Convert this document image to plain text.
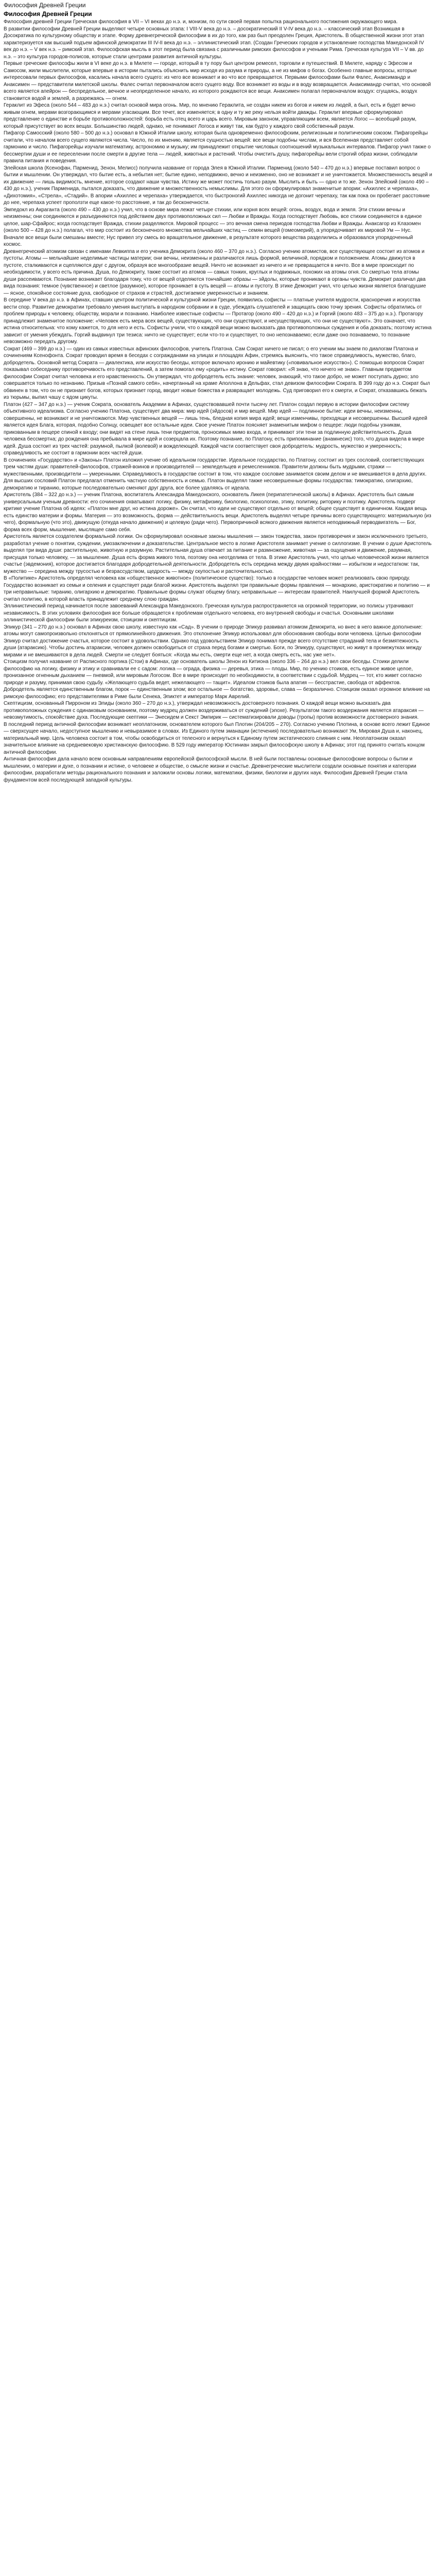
Философия Древней Греции
Философия Древней Греции

Философия древней Греции Греческая философия в VII – VI веках до н.э. и, монизм, по сути своей первая попытка рационального постижения окружающего мира.

В развитии философии Древней Греции выделяют четыре основных этапа: I VIII-V века до н.э. – досократический II V-IV века до н.э. – классический этап Возникшая в Досократика по культурному обществу и этапе. Форму древнегреческой философии в их до того, как раз был преодолен Греция, Аристотель. В общественной жизни этот этап характеризуется как высший подъем афинской демократии III IV-II века до н.э. – эллинистический этап. (Создан Греческих городов и установление господства Македонской IV век до н.э. – V век н.э. – римский этап. Философская мысль в этот период была связана с различными римских философов и учеными Рима. Греческая культура VII – V вв. до н.э. – это культура городов-полисов, которые стали центрами развития античной культуры.

Первые греческие философы жили в VI веке до н.э. в Милете — городе, который в ту пору был центром ремесел, торговли и путешествий. В Милете, наряду с Эфесом и Самосом, жили мыслители, которые впервые в истории пытались объяснить мир исходя из разума и природы, а не из мифов о богах. Особенно главные вопросы, которые интересовали первых философов, касались начала всего сущего: из чего все возникает и во что все превращается. Первыми философами были Фалес, Анаксимандр и Анаксимен — представители милетской школы. Фалес считал первоначалом всего сущего воду. Все возникает из воды и в воду возвращается. Анаксимандр считал, что основой всего является апейрон — беспредельное, вечное и неопределенное начало, из которого рождаются все вещи. Анаксимен полагал первоначалом воздух: сгущаясь, воздух становится водой и землей, а разрежаясь — огнем.

Гераклит из Эфеса (около 544 – 483 до н.э.) считал основой мира огонь. Мир, по мнению Гераклита, не создан никем из богов и никем из людей, а был, есть и будет вечно живым огнем, мерами возгорающимся и мерами угасающим. Все течет, все изменяется; в одну и ту же реку нельзя войти дважды. Гераклит впервые сформулировал представление о единстве и борьбе противоположностей: борьба есть отец всего и царь всего. Мировым законом, управляющим всем, является Логос — всеобщий разум, который присутствует во всех вещах. Большинство людей, однако, не понимают Логоса и живут так, как будто у каждого свой собственный разум.

Пифагор Самосский (около 580 – 500 до н.э.) основал в Южной Италии школу, которая была одновременно философским, религиозным и политическим союзом. Пифагорейцы считали, что началом всего сущего являются числа. Число, по их мнению, является сущностью вещей: все вещи подобны числам, и вся Вселенная представляет собой гармонию и число. Пифагорейцы изучали математику, астрономию и музыку; им принадлежит открытие числовых соотношений музыкальных интервалов. Пифагор учил также о бессмертии души и ее переселении после смерти в другие тела — людей, животных и растений. Чтобы очистить душу, пифагорейцы вели строгий образ жизни, соблюдали правила питания и поведения.

Элейская школа (Ксенофан, Парменид, Зенон, Мелисс) получила название от города Элея в Южной Италии. Парменид (около 540 – 470 до н.э.) впервые поставил вопрос о бытии и мышлении. Он утверждал, что бытие есть, а небытия нет; бытие едино, неподвижно, вечно и неизменно, оно не возникает и не уничтожается. Множественность вещей и их движение — лишь видимость, мнение, которое создают наши чувства. Истину же может постичь только разум. Мыслить и быть — одно и то же. Зенон Элейский (около 490 – 430 до н.э.), ученик Парменида, пытался доказать, что движение и множественность немыслимы. Для этого он сформулировал знаменитые апории: «Ахиллес и черепаха», «Дихотомия», «Стрела», «Стадий». В апории «Ахиллес и черепаха» утверждается, что быстроногий Ахиллес никогда не догонит черепаху, так как пока он пробегает расстояние до нее, черепаха успеет проползти еще какое-то расстояние, и так до бесконечности.

Эмпедокл из Акраганта (около 490 – 430 до н.э.) учил, что в основе мира лежат четыре стихии, или корня всех вещей: огонь, воздух, вода и земля. Эти стихии вечны и неизменны; они соединяются и разъединяются под действием двух противоположных сил — Любви и Вражды. Когда господствует Любовь, все стихии соединяются в единое целое, шар-Сфайрос; когда господствует Вражда, стихии разделяются. Мировой процесс — это вечная смена периодов господства Любви и Вражды. Анаксагор из Клазомен (около 500 – 428 до н.э.) полагал, что мир состоит из бесконечного множества мельчайших частиц — семян вещей (гомеомерий), а упорядочивает их мировой Ум — Нус. Вначале все вещи были смешаны вместе; Нус привел эту смесь во вращательное движение, в результате которого вещества разделились и образовался упорядоченный космос.

Древнегреческий атомизм связан с именами Левкиппа и его ученика Демокрита (около 460 – 370 до н.э.). Согласно учению атомистов, все существующее состоит из атомов и пустоты. Атомы — мельчайшие неделимые частицы материи; они вечны, неизменны и различаются лишь формой, величиной, порядком и положением. Атомы движутся в пустоте, сталкиваются и сцепляются друг с другом, образуя все многообразие вещей. Ничто не возникает из ничего и не превращается в ничто. Все в мире происходит по необходимости, у всего есть причина. Душа, по Демокриту, также состоит из атомов — самых тонких, круглых и подвижных, похожих на атомы огня. Со смертью тела атомы души рассеиваются. Познание возникает благодаря тому, что от вещей отделяются тончайшие образы — эйдолы, которые проникают в органы чувств. Демокрит различал два вида познания: темное (чувственное) и светлое (разумное), которое проникает в суть вещей — атомы и пустоту. В этике Демокрит учил, что целью жизни является благодушие — ясное, спокойное состояние духа, свободное от страхов и страстей, достигаемое умеренностью и знанием.

В середине V века до н.э. в Афинах, ставших центром политической и культурной жизни Греции, появились софисты — платные учителя мудрости, красноречия и искусства вести спор. Развитие демократии требовало умения выступать в народном собрании и в суде, убеждать слушателей и защищать свою точку зрения. Софисты обратились от проблем природы к человеку, обществу, морали и познанию. Наиболее известные софисты — Протагор (около 490 – 420 до н.э.) и Горгий (около 483 – 375 до н.э.). Протагору принадлежит знаменитое положение: «Человек есть мера всех вещей, существующих, что они существуют, и несуществующих, что они не существуют». Это означает, что истина относительна: что кому кажется, то для него и есть. Софисты учили, что о каждой вещи можно высказать два противоположных суждения и оба доказать; поэтому истина зависит от умения убеждать. Горгий выдвинул три тезиса: ничто не существует; если что-то и существует, то оно непознаваемо; если даже оно познаваемо, то познание невозможно передать другому.

Сократ (469 – 399 до н.э.) — один из самых известных афинских философов, учитель Платона. Сам Сократ ничего не писал; о его учении мы знаем по диалогам Платона и сочинениям Ксенофонта. Сократ проводил время в беседах с согражданами на улицах и площадях Афин, стремясь выяснить, что такое справедливость, мужество, благо, добродетель. Основной метод Сократа — диалектика, или искусство беседы, которое включало иронию и майевтику («повивальное искусство»). С помощью вопросов Сократ показывал собеседнику противоречивость его представлений, а затем помогал ему «родить» истину. Сократ говорил: «Я знаю, что ничего не знаю». Главным предметом философии Сократ считал человека и его нравственность. Он утверждал, что добродетель есть знание: человек, знающий, что такое добро, не может поступать дурно; зло совершается только по незнанию. Призыв «Познай самого себя», начертанный на храме Аполлона в Дельфах, стал девизом философии Сократа. В 399 году до н.э. Сократ был обвинен в том, что он не признает богов, которых признает город, вводит новые божества и развращает молодежь. Суд приговорил его к смерти, и Сократ, отказавшись бежать из тюрьмы, выпил чашу с ядом цикуты.

Платон (427 – 347 до н.э.) — ученик Сократа, основатель Академии в Афинах, существовавшей почти тысячу лет. Платон создал первую в истории философии систему объективного идеализма. Согласно учению Платона, существует два мира: мир идей (эйдосов) и мир вещей. Мир идей — подлинное бытие: идеи вечны, неизменны, совершенны, не возникают и не уничтожаются. Мир чувственных вещей — лишь тень, бледная копия мира идей; вещи изменчивы, преходящи и несовершенны. Высшей идеей является идея Блага, которая, подобно Солнцу, освещает все остальные идеи. Свое учение Платон поясняет знаменитым мифом о пещере: люди подобны узникам, прикованным в пещере спиной к входу; они видят на стене лишь тени предметов, проносимых мимо входа, и принимают эти тени за подлинную действительность. Душа человека бессмертна; до рождения она пребывала в мире идей и созерцала их. Поэтому познание, по Платону, есть припоминание (анамнесис) того, что душа видела в мире идей. Душа состоит из трех частей: разумной, пылкой (волевой) и вожделеющей. Каждой части соответствует своя добродетель: мудрость, мужество и умеренность; справедливость же состоит в гармонии всех частей души.

В сочинениях «Государство» и «Законы» Платон изложил учение об идеальном государстве. Идеальное государство, по Платону, состоит из трех сословий, соответствующих трем частям души: правителей-философов, стражей-воинов и производителей — земледельцев и ремесленников. Правители должны быть мудрыми, стражи — мужественными, производители — умеренными. Справедливость в государстве состоит в том, что каждое сословие занимается своим делом и не вмешивается в дела других. Для высших сословий Платон предлагал отменить частную собственность и семью. Платон выделял также несовершенные формы государства: тимократию, олигархию, демократию и тиранию, которые последовательно сменяют друг друга, все более удаляясь от идеала.

Аристотель (384 – 322 до н.э.) — ученик Платона, воспитатель Александра Македонского, основатель Ликея (перипатетической школы) в Афинах. Аристотель был самым универсальным ученым древности: его сочинения охватывают логику, физику, метафизику, биологию, психологию, этику, политику, риторику и поэтику. Аристотель подверг критике учение Платона об идеях: «Платон мне друг, но истина дороже». Он считал, что идеи не существуют отдельно от вещей; общее существует в единичном. Каждая вещь есть единство материи и формы. Материя — это возможность, форма — действительность вещи. Аристотель выделял четыре причины всего существующего: материальную (из чего), формальную (что это), движущую (откуда начало движения) и целевую (ради чего). Первопричиной всякого движения является неподвижный перводвигатель — Бог, форма всех форм, мышление, мыслящее само себя.

Аристотель является создателем формальной логики. Он сформулировал основные законы мышления — закон тождества, закон противоречия и закон исключенного третьего, разработал учение о понятии, суждении, умозаключении и доказательстве. Центральное место в логике Аристотеля занимает учение о силлогизме. В учении о душе Аристотель выделял три вида души: растительную, животную и разумную. Растительная душа отвечает за питание и размножение, животная — за ощущения и движение, разумная, присущая только человеку, — за мышление. Душа есть форма живого тела, поэтому она неотделима от тела. В этике Аристотель учил, что целью человеческой жизни является счастье (эвдемония), которое достигается благодаря добродетельной деятельности. Добродетель есть середина между двумя крайностями — избытком и недостатком: так, мужество — середина между трусостью и безрассудством, щедрость — между скупостью и расточительностью.

В «Политике» Аристотель определял человека как «общественное животное» (политическое существо): только в государстве человек может реализовать свою природу. Государство возникает из семьи и селения и существует ради благой жизни. Аристотель выделял три правильные формы правления — монархию, аристократию и политию — и три неправильные: тиранию, олигархию и демократию. Правильные формы служат общему благу, неправильные — интересам правителей. Наилучшей формой Аристотель считал политию, в которой власть принадлежит среднему слою граждан.

Эллинистический период начинается после завоеваний Александра Македонского. Греческая культура распространяется на огромной территории, но полисы утрачивают независимость. В этих условиях философия все больше обращается к проблемам отдельного человека, его внутренней свободы и счастья. Основными школами эллинистической философии были эпикуреизм, стоицизм и скептицизм.

Эпикур (341 – 270 до н.э.) основал в Афинах свою школу, известную как «Сад». В учении о природе Эпикур развивал атомизм Демокрита, но внес в него важное дополнение: атомы могут самопроизвольно отклоняться от прямолинейного движения. Это отклонение Эпикур использовал для обоснования свободы воли человека. Целью философии Эпикур считал достижение счастья, которое состоит в удовольствии. Однако под удовольствием Эпикур понимал прежде всего отсутствие страданий тела и безмятежность души (атараксию). Чтобы достичь атараксии, человек должен освободиться от страха перед богами и смертью. Боги, по Эпикуру, существуют, но живут в промежутках между мирами и не вмешиваются в дела людей. Смерти не следует бояться: «Когда мы есть, смерти еще нет, а когда смерть есть, нас уже нет».

Стоицизм получил название от Расписного портика (Стои) в Афинах, где основатель школы Зенон из Китиона (около 336 – 264 до н.э.) вел свои беседы. Стоики делили философию на логику, физику и этику и сравнивали ее с садом: логика — ограда, физика — деревья, этика — плоды. Мир, по учению стоиков, есть единое живое целое, пронизанное огненным дыханием — пневмой, или мировым Логосом. Все в мире происходит по необходимости, в соответствии с судьбой. Мудрец — тот, кто живет согласно природе и разуму, принимая свою судьбу. «Желающего судьба ведет, нежелающего — тащит». Идеалом стоиков была апатия — бесстрастие, свобода от аффектов. Добродетель является единственным благом, порок — единственным злом; все остальное — богатство, здоровье, слава — безразлично. Стоицизм оказал огромное влияние на римскую философию; его представителями в Риме были Сенека, Эпиктет и император Марк Аврелий.

Скептицизм, основанный Пирроном из Элиды (около 360 – 270 до н.э.), утверждал невозможность достоверного познания. О каждой вещи можно высказать два противоположных суждения с одинаковым основанием, поэтому мудрец должен воздерживаться от суждений (эпохе). Результатом такого воздержания является атараксия — невозмутимость, спокойствие духа. Последующие скептики — Энесидем и Секст Эмпирик — систематизировали доводы (тропы) против возможности достоверного знания.

В последний период античной философии возникает неоплатонизм, основателем которого был Плотин (204/205 – 270). Согласно учению Плотина, в основе всего лежит Единое — сверхсущее начало, недоступное мышлению и невыразимое в словах. Из Единого путем эманации (истечения) последовательно возникают Ум, Мировая Душа и, наконец, материальный мир. Цель человека состоит в том, чтобы освободиться от телесного и вернуться к Единому путем экстатического слияния с ним. Неоплатонизм оказал значительное влияние на средневековую христианскую философию. В 529 году император Юстиниан закрыл философскую школу в Афинах; этот год принято считать концом античной философии.

Античная философия дала начало всем основным направлениям европейской философской мысли. В ней были поставлены основные философские вопросы о бытии и мышлении, о материи и духе, о познании и истине, о человеке и обществе, о смысле жизни и счастье. Древнегреческие мыслители создали основные понятия и категории философии, разработали методы рационального познания и заложили основы логики, математики, физики, биологии и других наук. Философия Древней Греции стала фундаментом всей последующей западной культуры.
